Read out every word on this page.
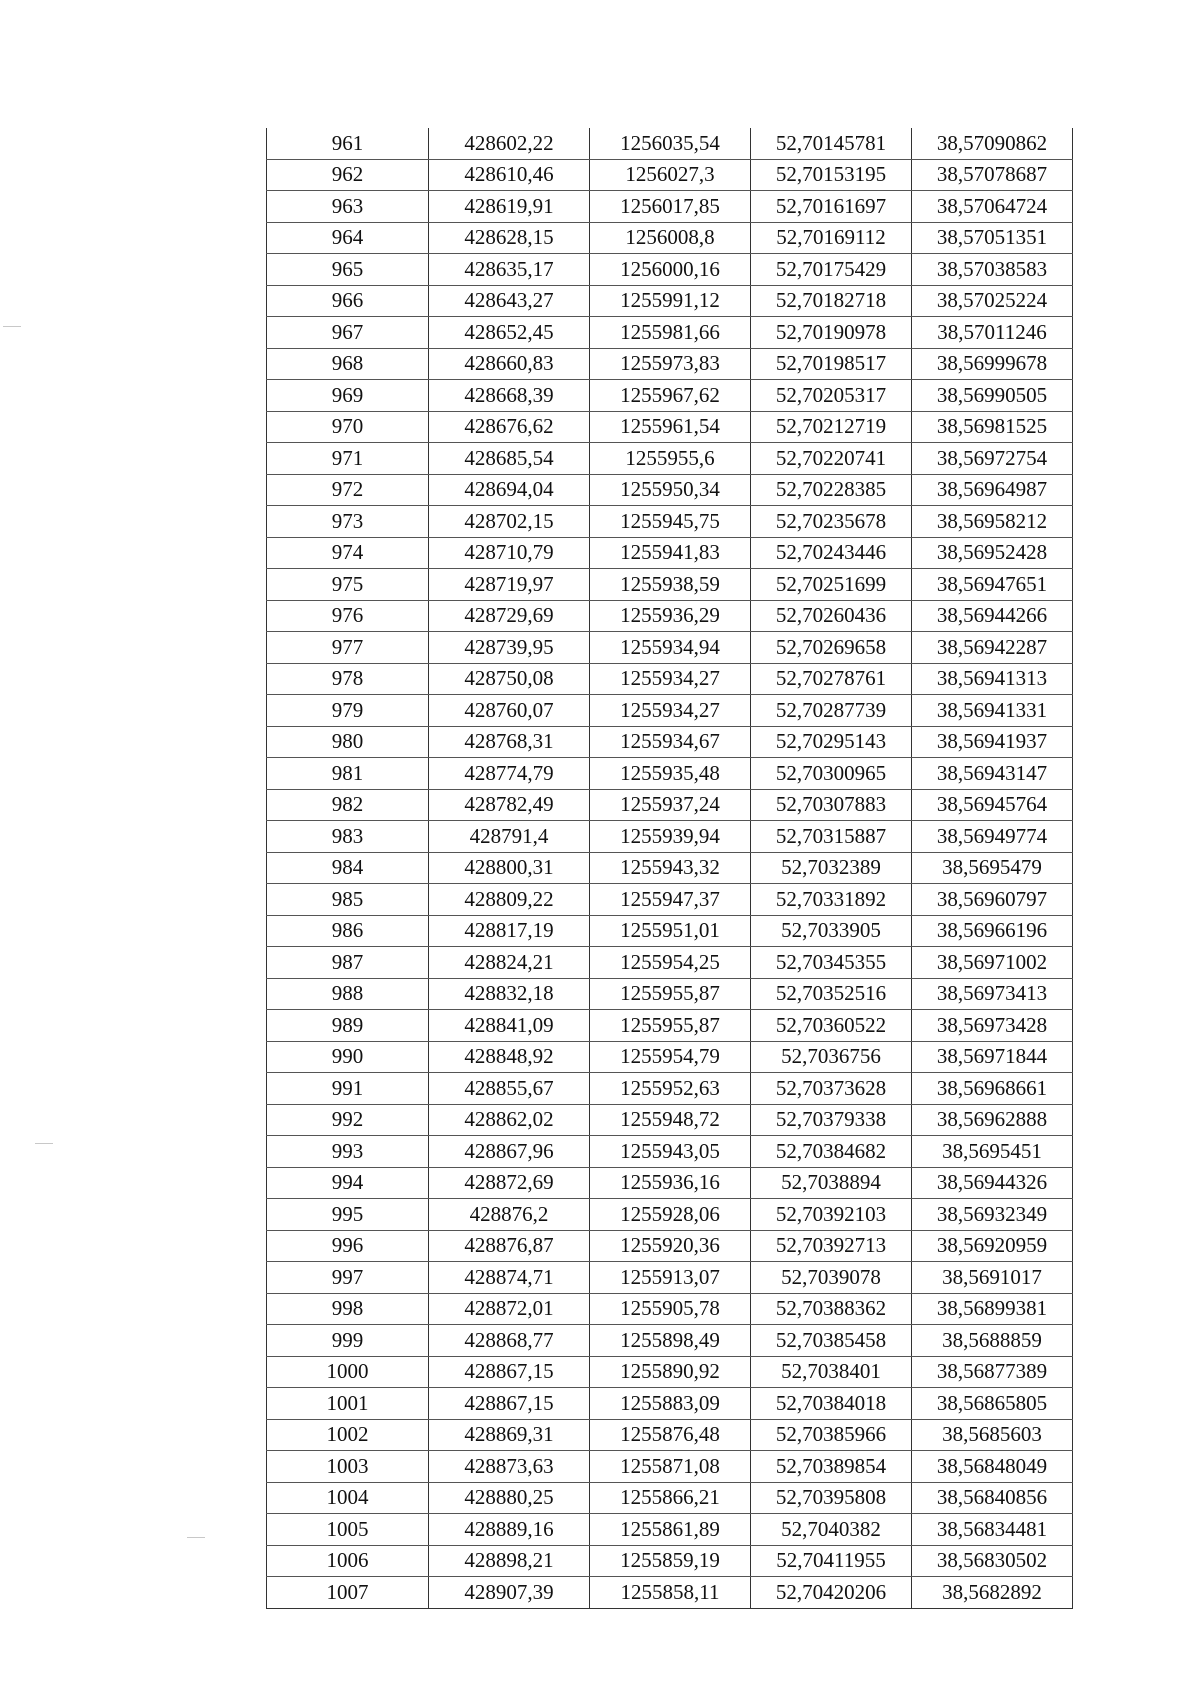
961	428602,22	1256035,54	52,70145781	38,57090862
962	428610,46	1256027,3	52,70153195	38,57078687
963	428619,91	1256017,85	52,70161697	38,57064724
964	428628,15	1256008,8	52,70169112	38,57051351
965	428635,17	1256000,16	52,70175429	38,57038583
966	428643,27	1255991,12	52,70182718	38,57025224
967	428652,45	1255981,66	52,70190978	38,57011246
968	428660,83	1255973,83	52,70198517	38,56999678
969	428668,39	1255967,62	52,70205317	38,56990505
970	428676,62	1255961,54	52,70212719	38,56981525
971	428685,54	1255955,6	52,70220741	38,56972754
972	428694,04	1255950,34	52,70228385	38,56964987
973	428702,15	1255945,75	52,70235678	38,56958212
974	428710,79	1255941,83	52,70243446	38,56952428
975	428719,97	1255938,59	52,70251699	38,56947651
976	428729,69	1255936,29	52,70260436	38,56944266
977	428739,95	1255934,94	52,70269658	38,56942287
978	428750,08	1255934,27	52,70278761	38,56941313
979	428760,07	1255934,27	52,70287739	38,56941331
980	428768,31	1255934,67	52,70295143	38,56941937
981	428774,79	1255935,48	52,70300965	38,56943147
982	428782,49	1255937,24	52,70307883	38,56945764
983	428791,4	1255939,94	52,70315887	38,56949774
984	428800,31	1255943,32	52,7032389	38,5695479
985	428809,22	1255947,37	52,70331892	38,56960797
986	428817,19	1255951,01	52,7033905	38,56966196
987	428824,21	1255954,25	52,70345355	38,56971002
988	428832,18	1255955,87	52,70352516	38,56973413
989	428841,09	1255955,87	52,70360522	38,56973428
990	428848,92	1255954,79	52,7036756	38,56971844
991	428855,67	1255952,63	52,70373628	38,56968661
992	428862,02	1255948,72	52,70379338	38,56962888
993	428867,96	1255943,05	52,70384682	38,5695451
994	428872,69	1255936,16	52,7038894	38,56944326
995	428876,2	1255928,06	52,70392103	38,56932349
996	428876,87	1255920,36	52,70392713	38,56920959
997	428874,71	1255913,07	52,7039078	38,5691017
998	428872,01	1255905,78	52,70388362	38,56899381
999	428868,77	1255898,49	52,70385458	38,5688859
1000	428867,15	1255890,92	52,7038401	38,56877389
1001	428867,15	1255883,09	52,70384018	38,56865805
1002	428869,31	1255876,48	52,70385966	38,5685603
1003	428873,63	1255871,08	52,70389854	38,56848049
1004	428880,25	1255866,21	52,70395808	38,56840856
1005	428889,16	1255861,89	52,7040382	38,56834481
1006	428898,21	1255859,19	52,70411955	38,56830502
1007	428907,39	1255858,11	52,70420206	38,5682892
